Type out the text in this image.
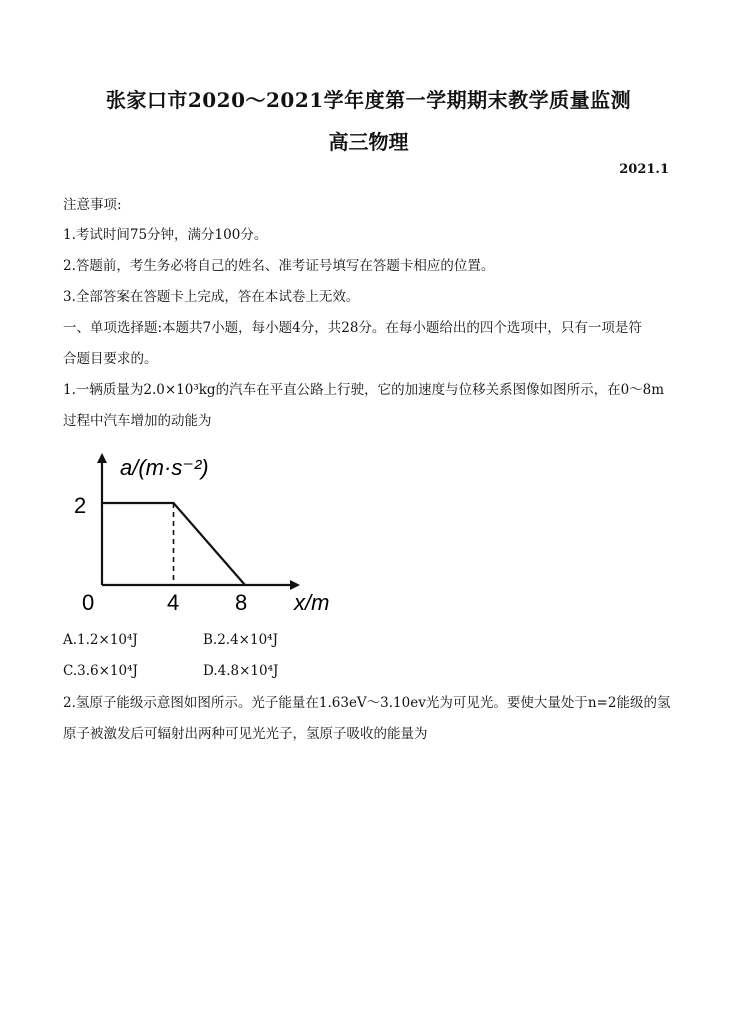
张家口市2020～2021学年度第一学期期末教学质量监测
高三物理
2021.1
注意事项:
1.考试时间75分钟，满分100分。
2.答题前，考生务必将自己的姓名、准考证号填写在答题卡相应的位置。
3.全部答案在答题卡上完成，答在本试卷上无效。
一、单项选择题:本题共7小题，每小题4分，共28分。在每小题给出的四个选项中，只有一项是符
合题目要求的。
1.一辆质量为2.0×10³kg的汽车在平直公路上行驶，它的加速度与位移关系图像如图所示，在0～8m
过程中汽车增加的动能为
a/(m·s⁻²)
2
0	4	8 x/m
A.1.2×10⁴J	B.2.4×10⁴J
C.3.6×10⁴J	D.4.8×10⁴J
2.氢原子能级示意图如图所示。光子能量在1.63eV～3.10ev光为可见光。要使大量处于n=2能级的氢
原子被激发后可辐射出两种可见光光子，氢原子吸收的能量为
